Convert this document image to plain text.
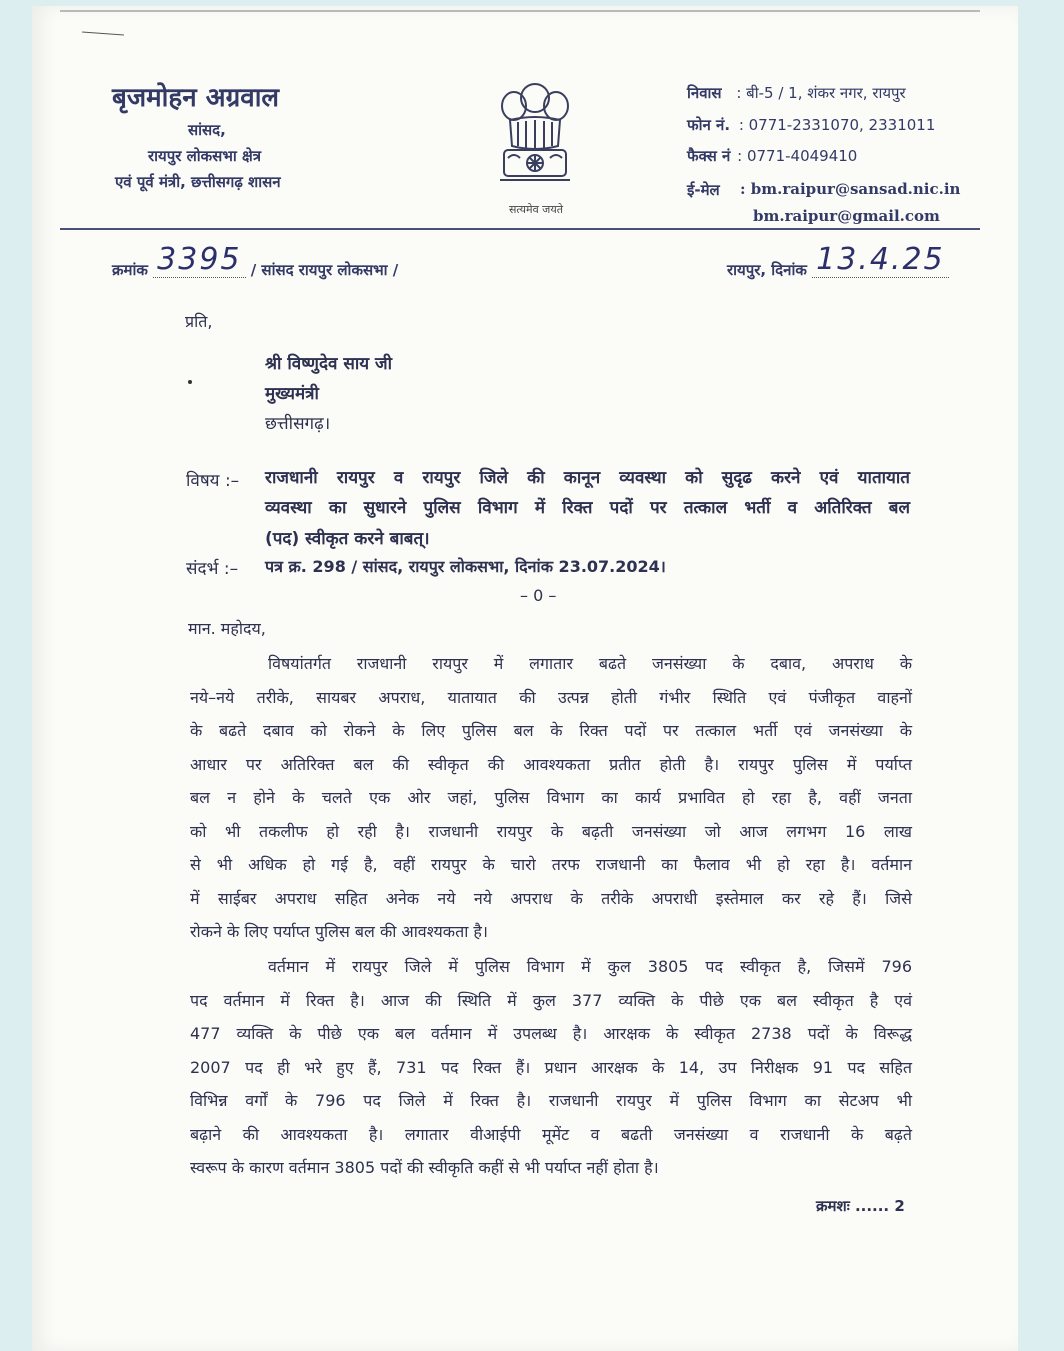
बृजमोहन अग्रवाल
सांसद,
रायपुर लोकसभा क्षेत्र
एवं पूर्व मंत्री, छत्तीसगढ़ शासन
सत्यमेव जयते
निवास : बी-5 / 1, शंकर नगर, रायपुर
फोन नं. : 0771-2331070, 2331011
फैक्स नं : 0771-4049410
ई-मेल : bm.raipur@sansad.nic.in
bm.raipur@gmail.com
क्रमांक 3395 / सांसद रायपुर लोकसभा /	रायपुर, दिनांक 13.4.25
प्रति,
श्री विष्णुदेव साय जी
मुख्यमंत्री
छत्तीसगढ़।
विषय :– राजधानी रायपुर व रायपुर जिले की कानून व्यवस्था को सुदृढ करने एवं यातायात
व्यवस्था का सुधारने पुलिस विभाग में रिक्त पदों पर तत्काल भर्ती व अतिरिक्त बल
(पद) स्वीकृत करने बाबत्।
संदर्भ :– पत्र क्र. 298 / सांसद, रायपुर लोकसभा, दिनांक 23.07.2024।
– 0 –
मान. महोदय,
विषयांतर्गत राजधानी रायपुर में लगातार बढते जनसंख्या के दबाव, अपराध के
नये–नये तरीके, सायबर अपराध, यातायात की उत्पन्न होती गंभीर स्थिति एवं पंजीकृत वाहनों
के बढते दबाव को रोकने के लिए पुलिस बल के रिक्त पदों पर तत्काल भर्ती एवं जनसंख्या के
आधार पर अतिरिक्त बल की स्वीकृत की आवश्यकता प्रतीत होती है। रायपुर पुलिस में पर्याप्त
बल न होने के चलते एक ओर जहां, पुलिस विभाग का कार्य प्रभावित हो रहा है, वहीं जनता
को भी तकलीफ हो रही है। राजधानी रायपुर के बढ़ती जनसंख्या जो आज लगभग 16 लाख
से भी अधिक हो गई है, वहीं रायपुर के चारो तरफ राजधानी का फैलाव भी हो रहा है। वर्तमान
में साईबर अपराध सहित अनेक नये नये अपराध के तरीके अपराधी इस्तेमाल कर रहे हैं। जिसे
रोकने के लिए पर्याप्त पुलिस बल की आवश्यकता है।
वर्तमान में रायपुर जिले में पुलिस विभाग में कुल 3805 पद स्वीकृत है, जिसमें 796
पद वर्तमान में रिक्त है। आज की स्थिति में कुल 377 व्यक्ति के पीछे एक बल स्वीकृत है एवं
477 व्यक्ति के पीछे एक बल वर्तमान में उपलब्ध है। आरक्षक के स्वीकृत 2738 पदों के विरूद्ध
2007 पद ही भरे हुए हैं, 731 पद रिक्त हैं। प्रधान आरक्षक के 14, उप निरीक्षक 91 पद सहित
विभिन्न वर्गों के 796 पद जिले में रिक्त है। राजधानी रायपुर में पुलिस विभाग का सेटअप भी
बढ़ाने की आवश्यकता है। लगातार वीआईपी मूमेंट व बढती जनसंख्या व राजधानी के बढ़ते
स्वरूप के कारण वर्तमान 3805 पदों की स्वीकृति कहीं से भी पर्याप्त नहीं होता है।
क्रमशः ...... 2
